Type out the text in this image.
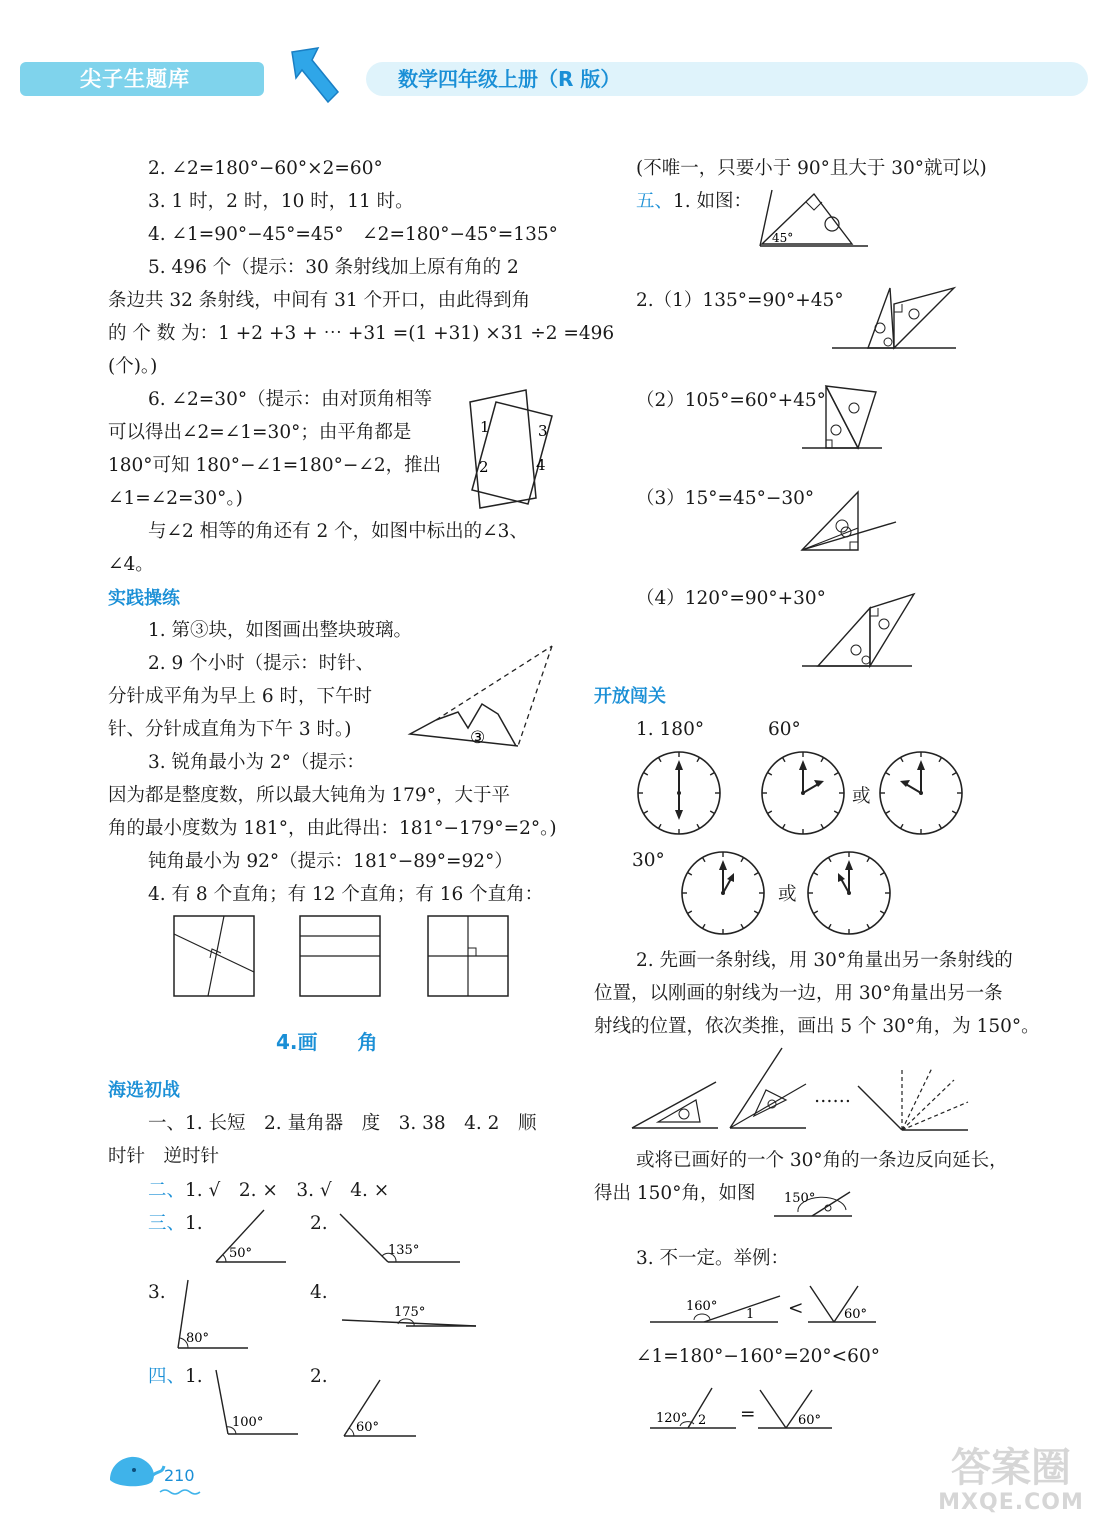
尖子生题库	数学四年级上册（R 版）
2. ∠2=180°−60°×2=60°
3. 1 时，2 时，10 时，11 时。
4. ∠1=90°−45°=45°　∠2=180°−45°=135°
5. 496 个（提示：30 条射线加上原有角的 2
条边共 32 条射线，中间有 31 个开口，由此得到角
的 个 数 为：1 +2 +3 + ⋯ +31 =(1 +31) ×31 ÷2 =496
(个)。)
6. ∠2=30°（提示：由对顶角相等
可以得出∠2=∠1=30°；由平角都是
180°可知 180°−∠1=180°−∠2，推出
∠1=∠2=30°。)
1
2
3
4
与∠2 相等的角还有 2 个，如图中标出的∠3、
∠4。
实践操练
1. 第③块，如图画出整块玻璃。
2. 9 个小时（提示：时针、
分针成平角为早上 6 时，下午时
针、分针成直角为下午 3 时。)	③
3. 锐角最小为 2°（提示：
因为都是整度数，所以最大钝角为 179°，大于平
角的最小度数为 181°，由此得出：181°−179°=2°。)
钝角最小为 92°（提示：181°−89°=92°）
4. 有 8 个直角；有 12 个直角；有 16 个直角：
4.画　　角
海选初战
一、1. 长短　2. 量角器　度　3. 38　4. 2　顺
时针　逆时针
二、1. √　2. ×　3. √　4. ×
三、1.	2.
50°	135°
3.	4.
80°
175°
四、1.	2.
100°	60°
210
(不唯一，只要小于 90°且大于 30°就可以)
五、1. 如图：
45°
2.（1）135°=90°+45°
（2）105°=60°+45°
（3）15°=45°−30°
（4）120°=90°+30°
开放闯关
1. 180°	60°
或
30°
或
2. 先画一条射线，用 30°角量出另一条射线的
位置，以刚画的射线为一边，用 30°角量出另一条
射线的位置，依次类推，画出 5 个 30°角，为 150°。
……
或将已画好的一个 30°角的一条边反向延长，
得出 150°角，如图 150°
3. 不一定。举例：
160°
1 <	60°
∠1=180°−160°=20°<60°
120° 2 =	60°
答案圈
MXQE.COM
